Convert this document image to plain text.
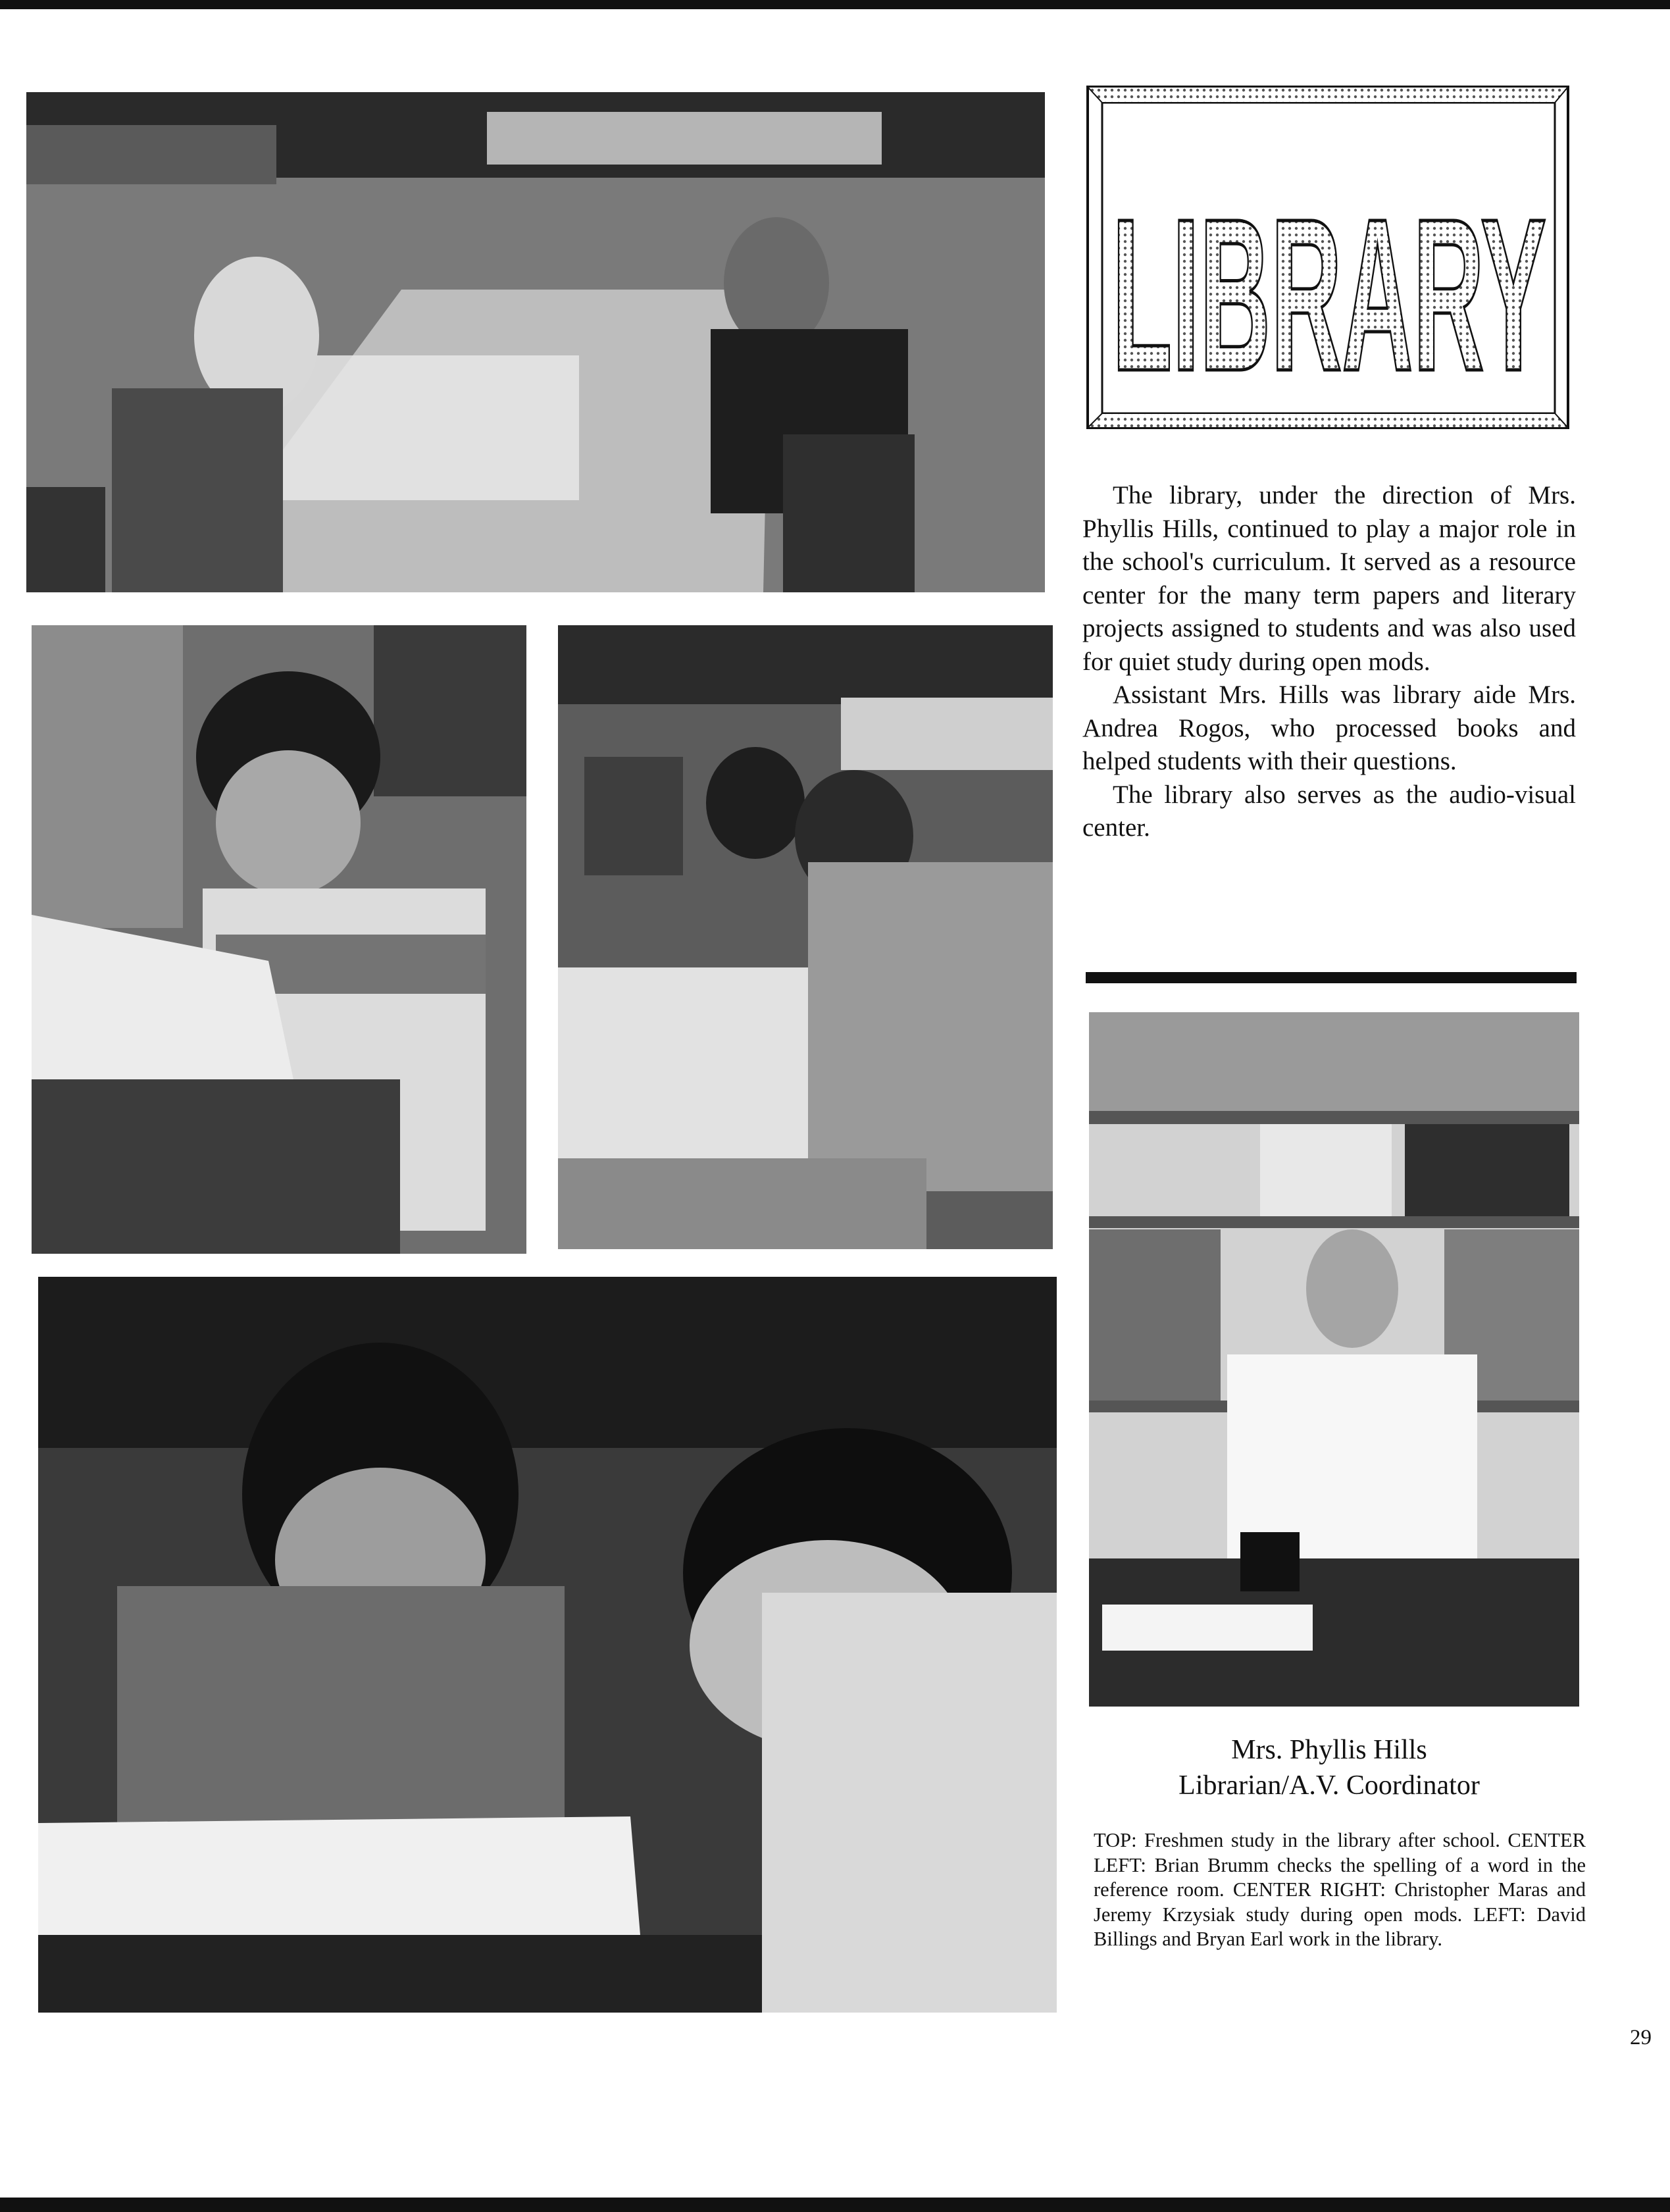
LIBRARY

The library, under the direction of Mrs. Phyllis Hills, continued to play a major role in the school's curriculum. It served as a resource center for the many term papers and literary projects assigned to students and was also used for quiet study during open mods.

Assistant Mrs. Hills was library aide Mrs. Andrea Rogos, who processed books and helped students with their questions.

The library also serves as the audio-visual center.

Mrs. Phyllis Hills
Librarian/A.V. Coordinator
TOP: Freshmen study in the library after school. CENTER LEFT: Brian Brumm checks the spelling of a word in the reference room. CENTER RIGHT: Christopher Maras and Jeremy Krzysiak study during open mods. LEFT: David Billings and Bryan Earl work in the library.
29
